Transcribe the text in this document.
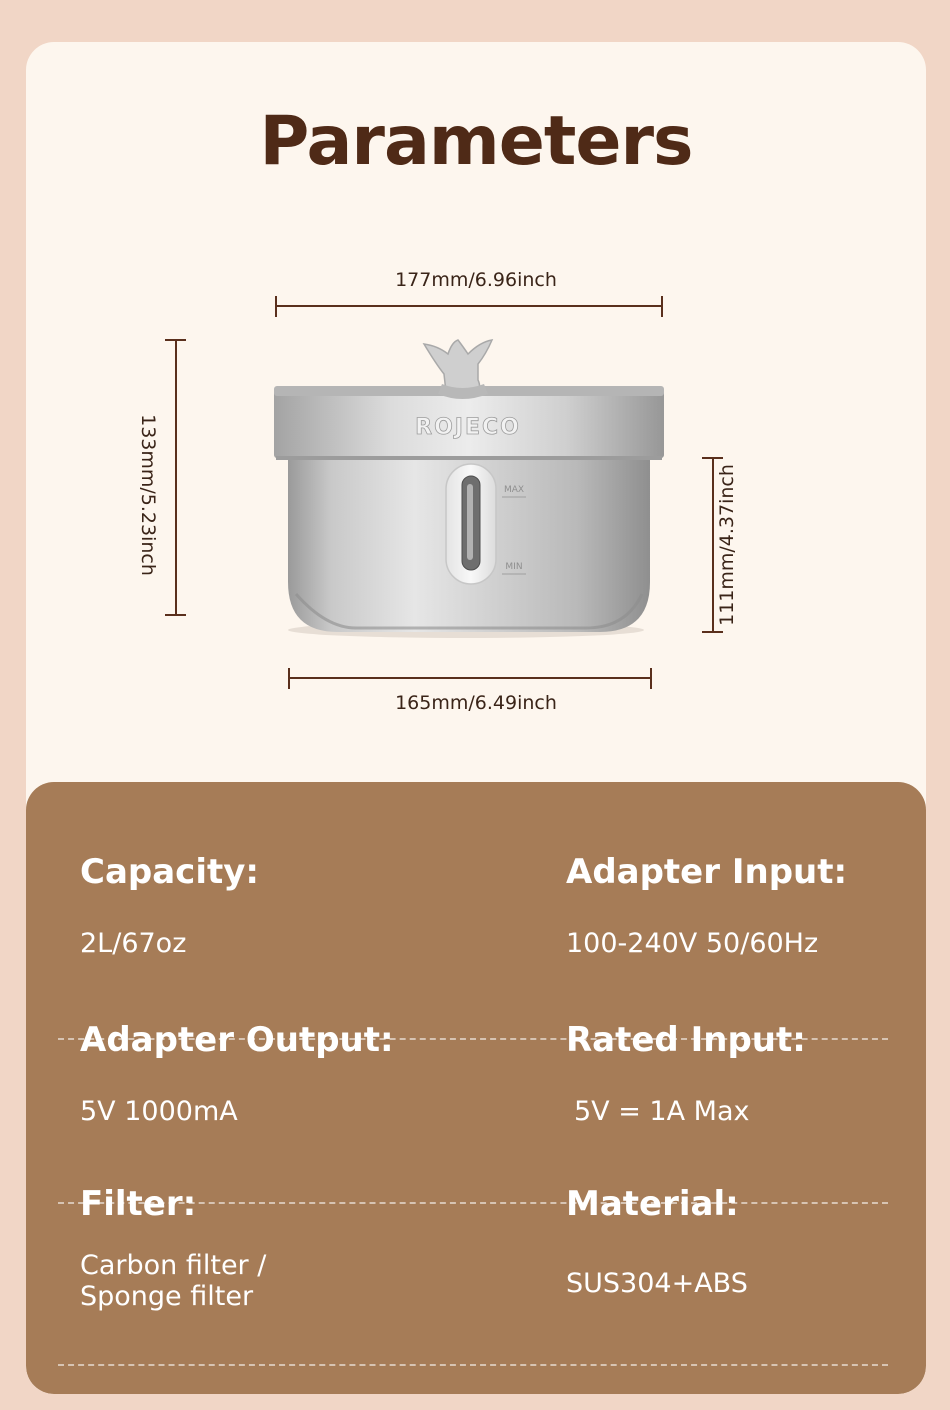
Parameters
177mm/6.96inch
133mm/5.23inch	111mm/4.37inch
165mm/6.49inch
ROJECO
MAX
MIN
Capacity:
2L/67oz
Adapter Input:
100-240V 50/60Hz
Adapter Output:
5V 1000mA
Rated Input:
5V = 1A Max
Filter:
Carbon filter /
Sponge filter
Material:
SUS304+ABS
